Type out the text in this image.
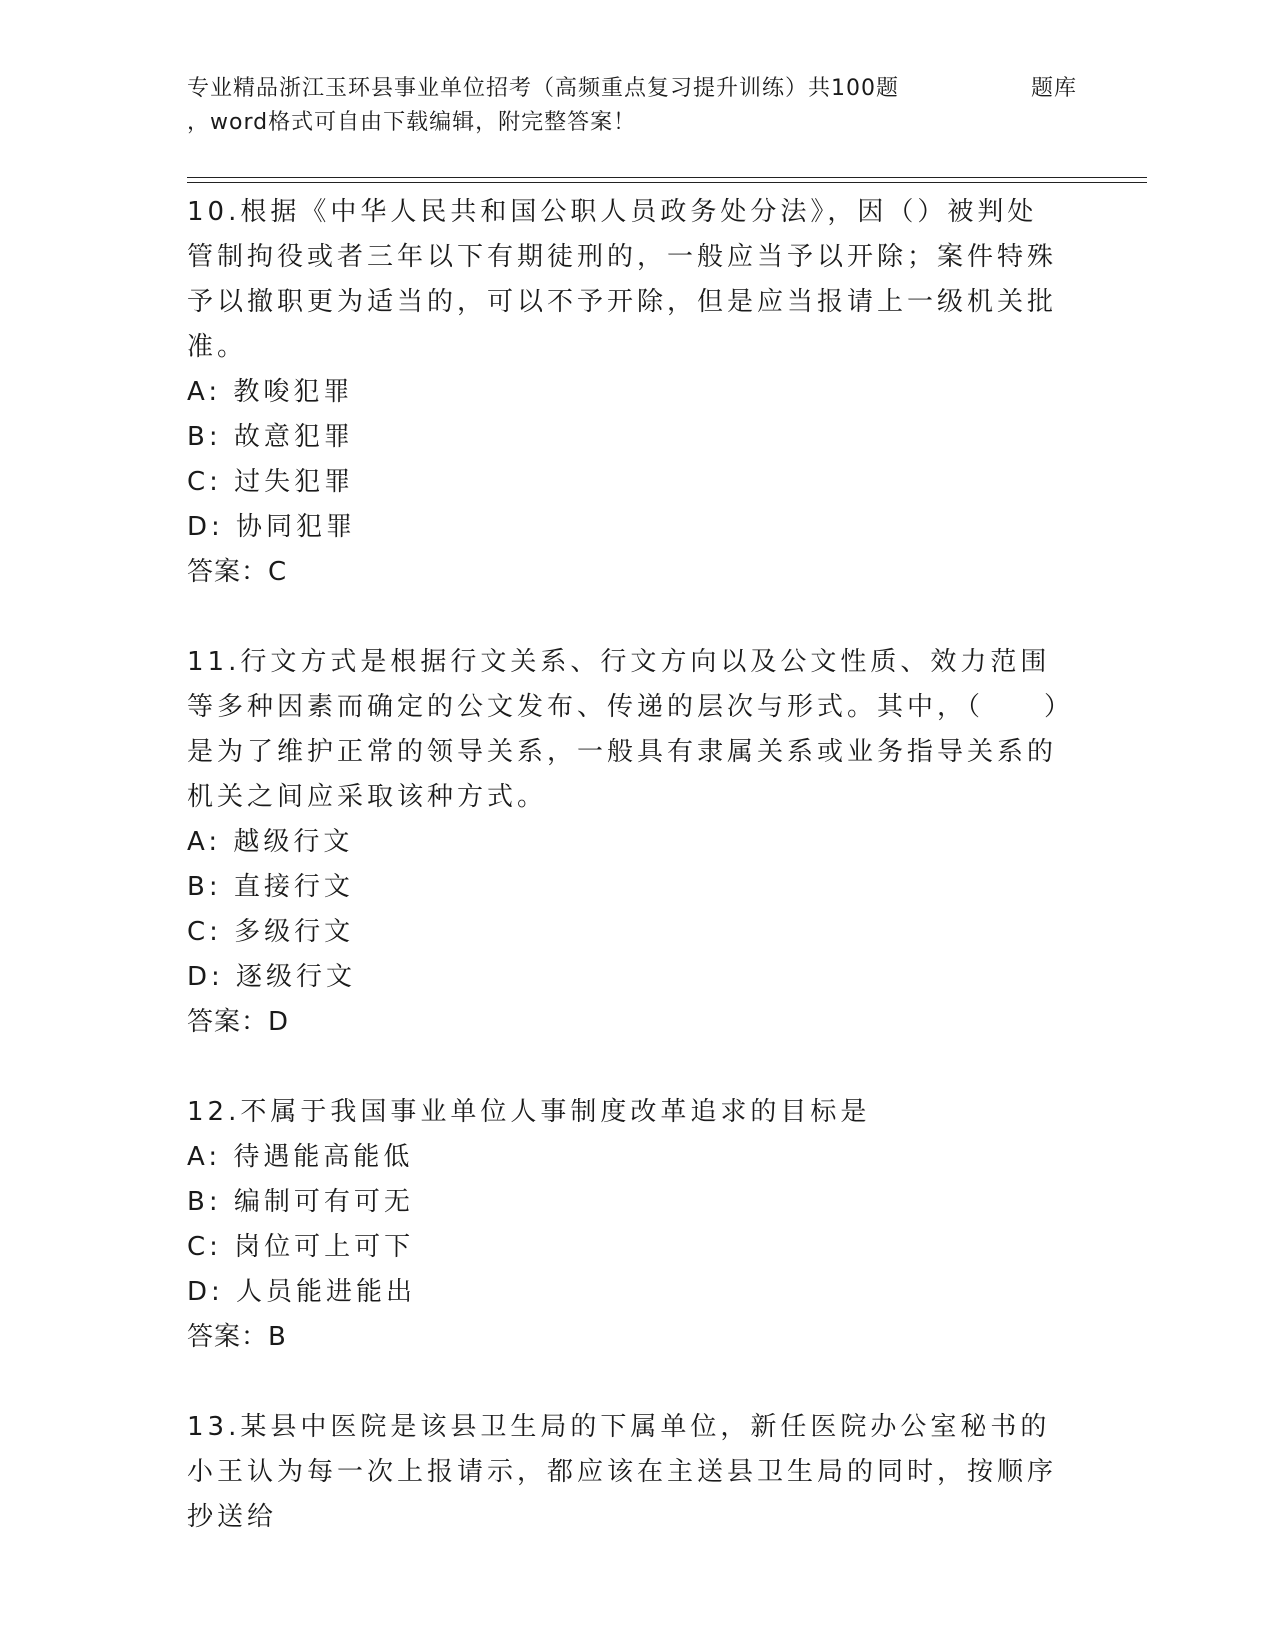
专业精品浙江玉环县事业单位招考（高频重点复习提升训练）共100题	题库
，word格式可自由下载编辑，附完整答案！

10.根据《中华人民共和国公职人员政务处分法》，因（）被判处管制拘役或者三年以下有期徒刑的，一般应当予以开除；案件特殊予以撤职更为适当的，可以不予开除，但是应当报请上一级机关批准。

A: 教唆犯罪

B: 故意犯罪

C: 过失犯罪

D: 协同犯罪

答案：C

11.行文方式是根据行文关系、行文方向以及公文性质、效力范围等多种因素而确定的公文发布、传递的层次与形式。其中，（　　）是为了维护正常的领导关系，一般具有隶属关系或业务指导关系的机关之间应采取该种方式。

A: 越级行文

B: 直接行文

C: 多级行文

D: 逐级行文

答案：D

12.不属于我国事业单位人事制度改革追求的目标是

A: 待遇能高能低

B: 编制可有可无

C: 岗位可上可下

D: 人员能进能出

答案：B

13.某县中医院是该县卫生局的下属单位，新任医院办公室秘书的小王认为每一次上报请示，都应该在主送县卫生局的同时，按顺序抄送给
